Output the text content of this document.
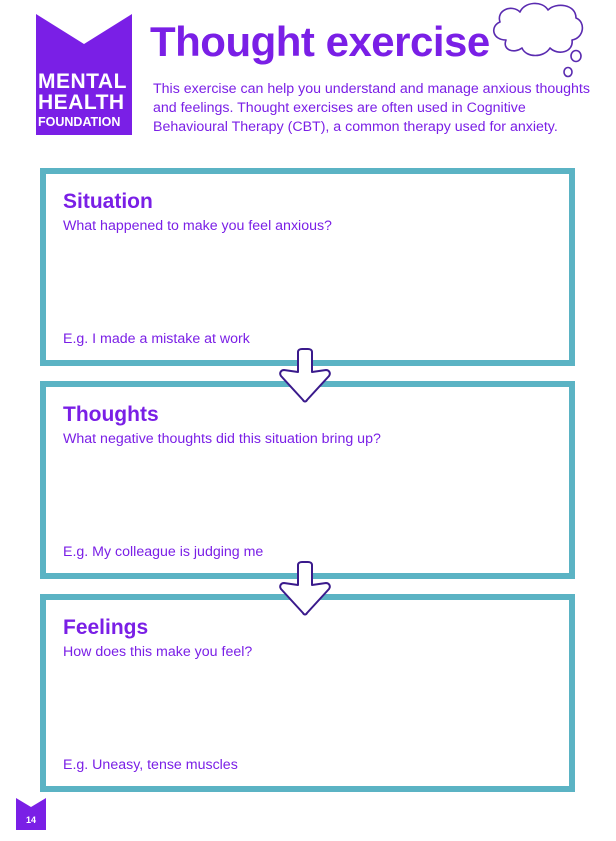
MENTAL
HEALTH
FOUNDATION
Thought exercise

This exercise can help you understand and manage anxious thoughts and feelings. Thought exercises are often used in Cognitive Behavioural Therapy (CBT), a common therapy used for anxiety.

Situation

What happened to make you feel anxious?

E.g. I made a mistake at work

Thoughts

What negative thoughts did this situation bring up?

E.g. My colleague is judging me

Feelings

How does this make you feel?

E.g. Uneasy, tense muscles

14
